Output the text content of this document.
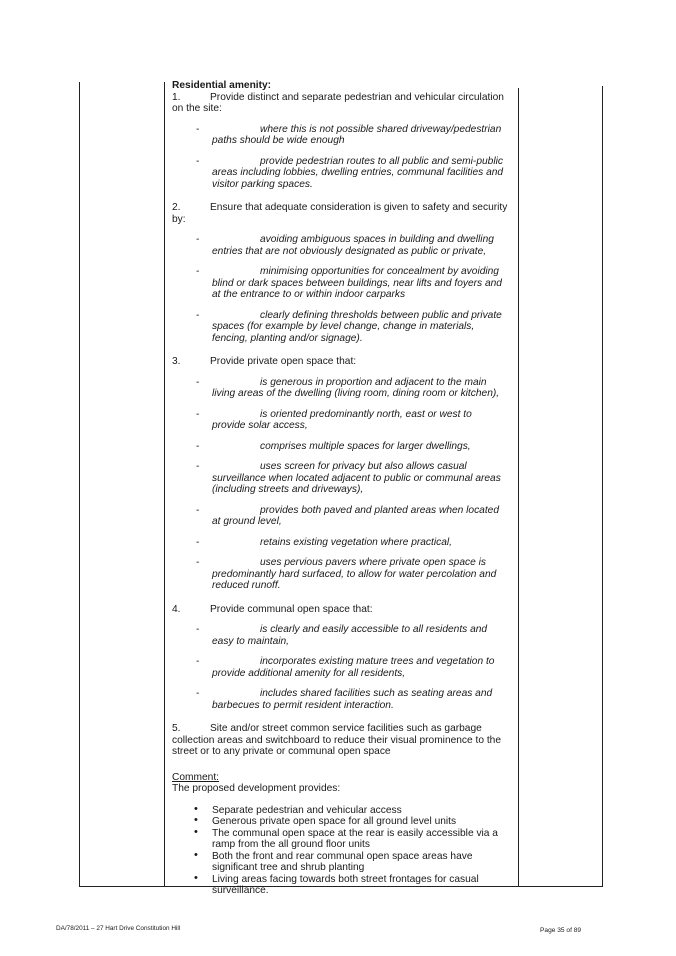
Residential amenity:
1.	Provide distinct and separate pedestrian and vehicular circulation on the site:
-	where this is not possible shared driveway/pedestrian paths should be wide enough
-	provide pedestrian routes to all public and semi-public areas including lobbies, dwelling entries, communal facilities and visitor parking spaces.
2.	Ensure that adequate consideration is given to safety and security by:
-	avoiding ambiguous spaces in building and dwelling entries that are not obviously designated as public or private,
-	minimising opportunities for concealment by avoiding blind or dark spaces between buildings, near lifts and foyers and at the entrance to or within indoor carparks
-	clearly defining thresholds between public and private spaces (for example by level change, change in materials, fencing, planting and/or signage).
3.	Provide private open space that:
-	is generous in proportion and adjacent to the main living areas of the dwelling (living room, dining room or kitchen),
-	is oriented predominantly north, east or west to provide solar access,
-	comprises multiple spaces for larger dwellings,
-	uses screen for privacy but also allows casual surveillance when located adjacent to public or communal areas (including streets and driveways),
-	provides both paved and planted areas when located at ground level,
-	retains existing vegetation where practical,
-	uses pervious pavers where private open space is predominantly hard surfaced, to allow for water percolation and reduced runoff.
4.	Provide communal open space that:
-	is clearly and easily accessible to all residents and easy to maintain,
-	incorporates existing mature trees and vegetation to provide additional amenity for all residents,
-	includes shared facilities such as seating areas and barbecues to permit resident interaction.
5.	Site and/or street common service facilities such as garbage collection areas and switchboard to reduce their visual prominence to the street or to any private or communal open space
Comment:
The proposed development provides:
• Separate pedestrian and vehicular access
• Generous private open space for all ground level units
• The communal open space at the rear is easily accessible via a ramp from the all ground floor units
• Both the front and rear communal open space areas have significant tree and shrub planting
• Living areas facing towards both street frontages for casual surveillance.
DA/78/2011 – 27 Hart Drive Constitution Hill	Page 35 of 89
